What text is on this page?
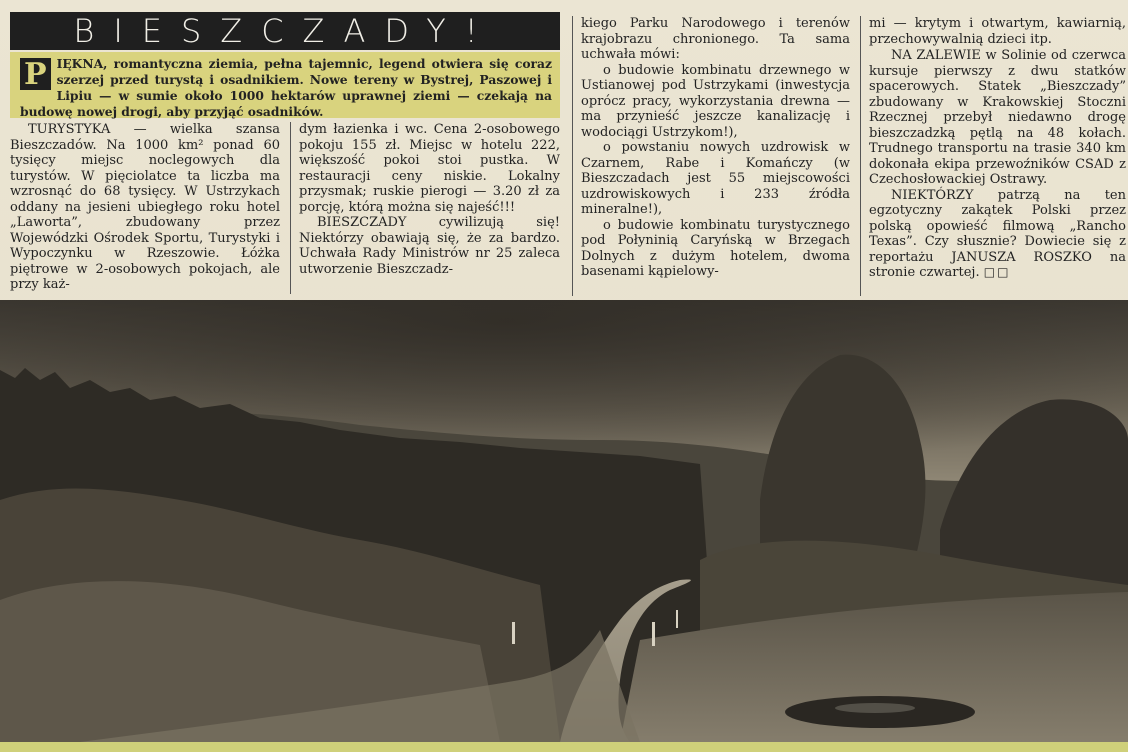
BIESZCZADY!
P IĘKNA, romantyczna ziemia, pełna tajemnic, legend otwiera się coraz szerzej przed turystą i osadnikiem. Nowe tereny w Bystrej, Paszowej i Lipiu — w sumie około 1000 hektarów uprawnej ziemi — czekają na budowę nowej drogi, aby przyjąć osadników.

TURYSTYKA — wielka szansa Bieszczadów. Na 1000 km² ponad 60 tysięcy miejsc noclegowych dla turystów. W pięciolatce ta liczba ma wzrosnąć do 68 tysięcy. W Ustrzykach oddany na jesieni ubiegłego roku hotel „Laworta”, zbudowany przez Wojewódzki Ośrodek Sportu, Turystyki i Wypoczynku w Rzeszowie. Łóżka piętrowe w 2-osobowych pokojach, ale przy każ-

dym łazienka i wc. Cena 2-osobowego pokoju 155 zł. Miejsc w hotelu 222, większość pokoi stoi pustka. W restauracji ceny niskie. Lokalny przysmak; ruskie pierogi — 3.20 zł za porcję, którą można się najeść!!!

BIESZCZADY cywilizują się! Niektórzy obawiają się, że za bardzo. Uchwała Rady Ministrów nr 25 zaleca utworzenie Bieszczadz-

kiego Parku Narodowego i terenów krajobrazu chronionego. Ta sama uchwała mówi:

o budowie kombinatu drzewnego w Ustianowej pod Ustrzykami (inwestycja oprócz pracy, wykorzystania drewna — ma przynieść jeszcze kanalizację i wodociągi Ustrzykom!),

o powstaniu nowych uzdrowisk w Czarnem, Rabe i Komańczy (w Bieszczadach jest 55 miejscowości uzdrowiskowych i 233 źródła mineralne!),

o budowie kombinatu turystycznego pod Połyninią Caryńską w Brzegach Dolnych z dużym hotelem, dwoma basenami kąpielowy-

mi — krytym i otwartym, kawiarnią, przechowywalnią dzieci itp.

NA ZALEWIE w Solinie od czerwca kursuje pierwszy z dwu statków spacerowych. Statek „Bieszczady” zbudowany w Krakowskiej Stoczni Rzecznej przebył niedawno drogę bieszczadzką pętlą na 48 kołach. Trudnego transportu na trasie 340 km dokonała ekipa przewoźników CSAD z Czechosłowackiej Ostrawy.

NIEKTÓRZY patrzą na ten egzotyczny zakątek Polski przez polską opowieść filmową „Rancho Texas”. Czy słusznie? Dowiecie się z reportażu JANUSZA ROSZKO na stronie czwartej. □□
